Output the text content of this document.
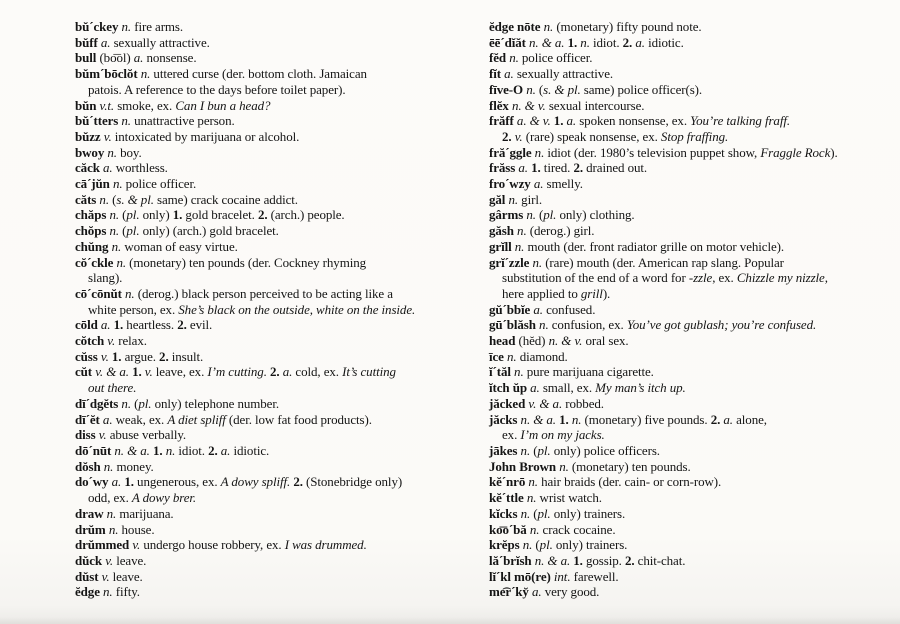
bŭ´ckey n. fire arms.
bŭff a. sexually attractive.
bull (bo͞ol) a. nonsense.
bŭm´bōclŏt n. uttered curse (der. bottom cloth. Jamaican
patois. A reference to the days before toilet paper).
bŭn v.t. smoke, ex. Can I bun a head?
bŭ´tters n. unattractive person.
bŭzz v. intoxicated by marijuana or alcohol.
bwoy n. boy.
căck a. worthless.
cā´jŭn n. police officer.
căts n. (s. & pl. same) crack cocaine addict.
chăps n. (pl. only) 1. gold bracelet. 2. (arch.) people.
chŏps n. (pl. only) (arch.) gold bracelet.
chŭng n. woman of easy virtue.
cŏ´ckle n. (monetary) ten pounds (der. Cockney rhyming
slang).
cō´cōnŭt n. (derog.) black person perceived to be acting like a
white person, ex. She’s black on the outside, white on the inside.
cōld a. 1. heartless. 2. evil.
cŏtch v. relax.
cŭss v. 1. argue. 2. insult.
cŭt v. & a. 1. v. leave, ex. I’m cutting. 2. a. cold, ex. It’s cutting
out there.
dī´dgĕts n. (pl. only) telephone number.
dī´ĕt a. weak, ex. A diet spliff (der. low fat food products).
diss v. abuse verbally.
dō´nūt n. & a. 1. n. idiot. 2. a. idiotic.
dŏsh n. money.
do´wy a. 1. ungenerous, ex. A dowy spliff. 2. (Stonebridge only)
odd, ex. A dowy brer.
draw n. marijuana.
drŭm n. house.
drŭmmed v. undergo house robbery, ex. I was drummed.
dŭck v. leave.
dŭst v. leave.
ĕdge n. fifty.
ĕdge nōte n. (monetary) fifty pound note.
ēē´dĭăt n. & a. 1. n. idiot. 2. a. idiotic.
fĕd n. police officer.
fĭt a. sexually attractive.
fīve-O n. (s. & pl. same) police officer(s).
flĕx n. & v. sexual intercourse.
frăff a. & v. 1. a. spoken nonsense, ex. You’re talking fraff.
2. v. (rare) speak nonsense, ex. Stop fraffing.
fră´ggle n. idiot (der. 1980’s television puppet show, Fraggle Rock).
frăss a. 1. tired. 2. drained out.
fro´wzy a. smelly.
găl n. girl.
gârms n. (pl. only) clothing.
găsh n. (derog.) girl.
grĭll n. mouth (der. front radiator grille on motor vehicle).
grĭ´zzle n. (rare) mouth (der. American rap slang. Popular
substitution of the end of a word for -zzle, ex. Chizzle my nizzle,
here applied to grill).
gŭ´bbĭe a. confused.
gū´blăsh n. confusion, ex. You’ve got gublash; you’re confused.
head (hĕd) n. & v. oral sex.
īce n. diamond.
ĭ´tăl n. pure marijuana cigarette.
ĭtch ŭp a. small, ex. My man’s itch up.
jăcked v. & a. robbed.
jăcks n. & a. 1. n. (monetary) five pounds. 2. a. alone,
ex. I’m on my jacks.
jākes n. (pl. only) police officers.
John Brown n. (monetary) ten pounds.
kĕ´nrō n. hair braids (der. cain- or corn-row).
kĕ´ttle n. wrist watch.
kĭcks n. (pl. only) trainers.
ko͞o´bă n. crack cocaine.
krĕps n. (pl. only) trainers.
lă´brĭsh n. & a. 1. gossip. 2. chit-chat.
lĭ´kl mō(re) int. farewell.
me͡r´ky̆ a. very good.
